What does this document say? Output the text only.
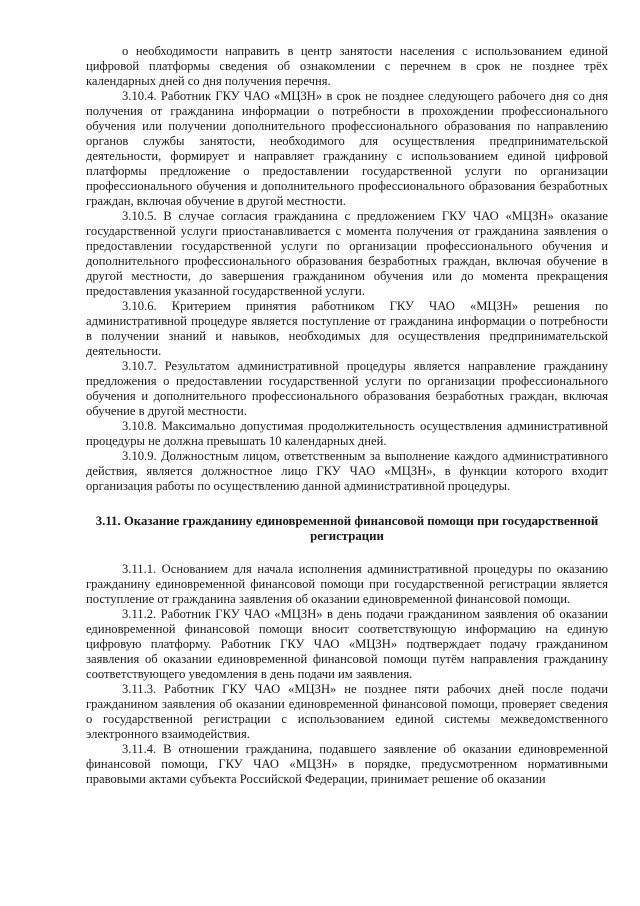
о необходимости направить в центр занятости населения с использованием единой цифровой платформы сведения об ознакомлении с перечнем в срок не позднее трёх календарных дней со дня получения перечня.

3.10.4. Работник ГКУ ЧАО «МЦЗН» в срок не позднее следующего рабочего дня со дня получения от гражданина информации о потребности в прохождении профессионального обучения или получении дополнительного профессионального образования по направлению органов службы занятости, необходимого для осуществления предпринимательской деятельности, формирует и направляет гражданину с использованием единой цифровой платформы предложение о предоставлении государственной услуги по организации профессионального обучения и дополнительного профессионального образования безработных граждан, включая обучение в другой местности.

3.10.5. В случае согласия гражданина с предложением ГКУ ЧАО «МЦЗН» оказание государственной услуги приостанавливается с момента получения от гражданина заявления о предоставлении государственной услуги по организации профессионального обучения и дополнительного профессионального образования безработных граждан, включая обучение в другой местности, до завершения гражданином обучения или до момента прекращения предоставления указанной государственной услуги.

3.10.6. Критерием принятия работником ГКУ ЧАО «МЦЗН» решения по административной процедуре является поступление от гражданина информации о потребности в получении знаний и навыков, необходимых для осуществления предпринимательской деятельности.

3.10.7. Результатом административной процедуры является направление гражданину предложения о предоставлении государственной услуги по организации профессионального обучения и дополнительного профессионального образования безработных граждан, включая обучение в другой местности.

3.10.8. Максимально допустимая продолжительность осуществления административной процедуры не должна превышать 10 календарных дней.

3.10.9. Должностным лицом, ответственным за выполнение каждого административного действия, является должностное лицо ГКУ ЧАО «МЦЗН», в функции которого входит организация работы по осуществлению данной административной процедуры.

3.11. Оказание гражданину единовременной финансовой помощи при государственной регистрации

3.11.1. Основанием для начала исполнения административной процедуры по оказанию гражданину единовременной финансовой помощи при государственной регистрации является поступление от гражданина заявления об оказании единовременной финансовой помощи.

3.11.2. Работник ГКУ ЧАО «МЦЗН» в день подачи гражданином заявления об оказании единовременной финансовой помощи вносит соответствующую информацию на единую цифровую платформу. Работник ГКУ ЧАО «МЦЗН» подтверждает подачу гражданином заявления об оказании единовременной финансовой помощи путём направления гражданину соответствующего уведомления в день подачи им заявления.

3.11.3. Работник ГКУ ЧАО «МЦЗН» не позднее пяти рабочих дней после подачи гражданином заявления об оказании единовременной финансовой помощи, проверяет сведения о государственной регистрации с использованием единой системы межведомственного электронного взаимодействия.

3.11.4. В отношении гражданина, подавшего заявление об оказании единовременной финансовой помощи, ГКУ ЧАО «МЦЗН» в порядке, предусмотренном нормативными правовыми актами субъекта Российской Федерации, принимает решение об оказании
